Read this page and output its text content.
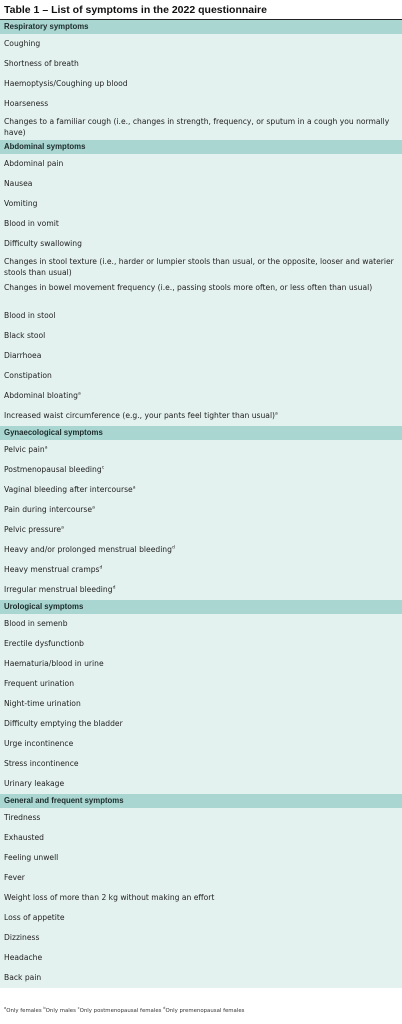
Table 1 – List of symptoms in the 2022 questionnaire
Respiratory symptoms
Coughing
Shortness of breath
Haemoptysis/Coughing up blood
Hoarseness
Changes to a familiar cough (i.e., changes in strength, frequency, or sputum in a cough you normally have)
Abdominal symptoms
Abdominal pain
Nausea
Vomiting
Blood in vomit
Difficulty swallowing
Changes in stool texture (i.e., harder or lumpier stools than usual, or the opposite, looser and waterier stools than usual)
Changes in bowel movement frequency (i.e., passing stools more often, or less often than usual)
Blood in stool
Black stool
Diarrhoea
Constipation
Abdominal bloating$^a$
Increased waist circumference (e.g., your pants feel tighter than usual)$^a$
Gynaecological symptoms
Pelvic pain$^a$
Postmenopausal bleeding$^c$
Vaginal bleeding after intercourse$^a$
Pain during intercourse$^a$
Pelvic pressure$^a$
Heavy and/or prolonged menstrual bleeding$^d$
Heavy menstrual cramps$^d$
Irregular menstrual bleeding$^d$
Urological symptoms
Blood in semenb
Erectile dysfunctionb
Haematuria/blood in urine
Frequent urination
Night-time urination
Difficulty emptying the bladder
Urge incontinence
Stress incontinence
Urinary leakage
General and frequent symptoms
Tiredness
Exhausted
Feeling unwell
Fever
Weight loss of more than 2 kg without making an effort
Loss of appetite
Dizziness
Headache
Back pain
$^a$Only females $^b$Only males $^c$Only postmenopausal females $^d$Only premenopausal females
